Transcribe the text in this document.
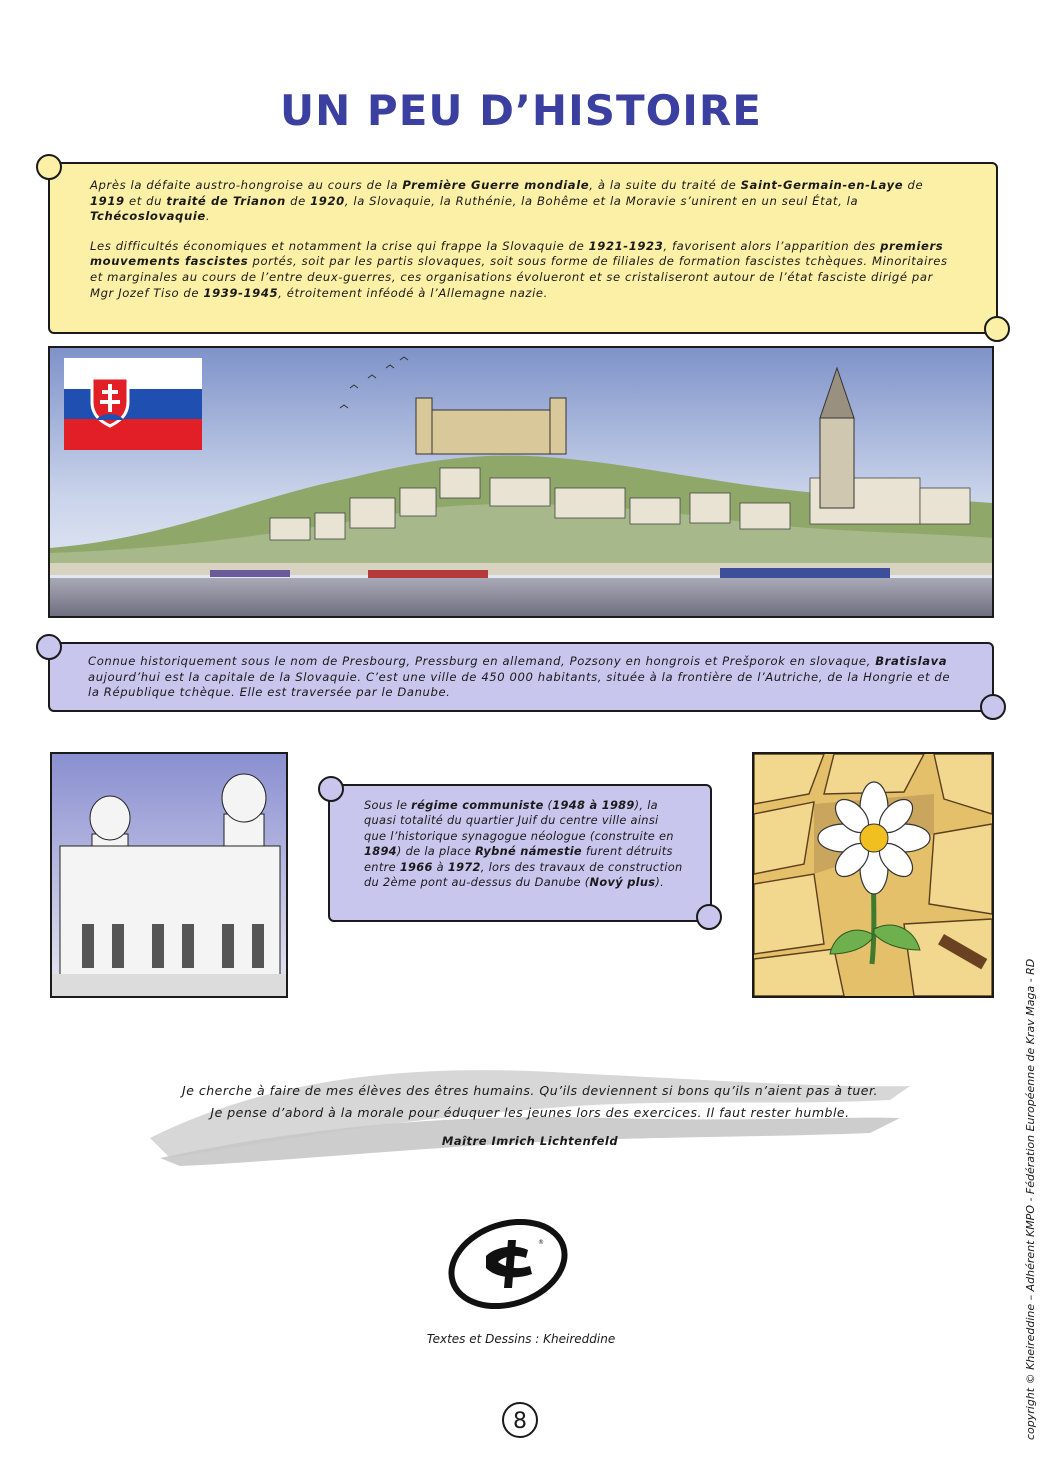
UN PEU D’HISTOIRE

Après la défaite austro-hongroise au cours de la Première Guerre mondiale, à la suite du traité de Saint-Germain-en-Laye de 1919 et du traité de Trianon de 1920, la Slovaquie, la Ruthénie, la Bohême et la Moravie s’unirent en un seul État, la Tchécoslovaquie.

Les difficultés économiques et notamment la crise qui frappe la Slovaquie de 1921-1923, favorisent alors l’apparition des premiers mouvements fascistes portés, soit par les partis slovaques, soit sous forme de filiales de formation fascistes tchèques. Minoritaires et marginales au cours de l’entre deux-guerres, ces organisations évolueront et se cristaliseront autour de l’état fasciste dirigé par Mgr Jozef Tiso de 1939-1945, étroitement inféodé à l’Allemagne nazie.

Connue historiquement sous le nom de Presbourg, Pressburg en allemand, Pozsony en hongrois et Prešporok en slovaque, Bratislava aujourd’hui est la capitale de la Slovaquie. C’est une ville de 450 000 habitants, située à la frontière de l’Autriche, de la Hongrie et de la République tchèque. Elle est traversée par le Danube.

Sous le régime communiste (1948 à 1989), la quasi totalité du quartier Juif du centre ville ainsi que l’historique synagogue néologue (construite en 1894) de la place Rybné námestie furent détruits entre 1966 à 1972, lors des travaux de construction du 2ème pont au-dessus du Danube (Nový plus).

Je cherche à faire de mes élèves des êtres humains. Qu’ils deviennent si bons qu’ils n’aient pas à tuer.
Je pense d’abord à la morale pour éduquer les jeunes lors des exercices. Il faut rester humble.
Maître Imrich Lichtenfeld
®
Textes et Dessins : Kheireddine
8	copyright © Kheireddine – Adhérent KMPO - Fédération Européenne de Krav Maga - RD
